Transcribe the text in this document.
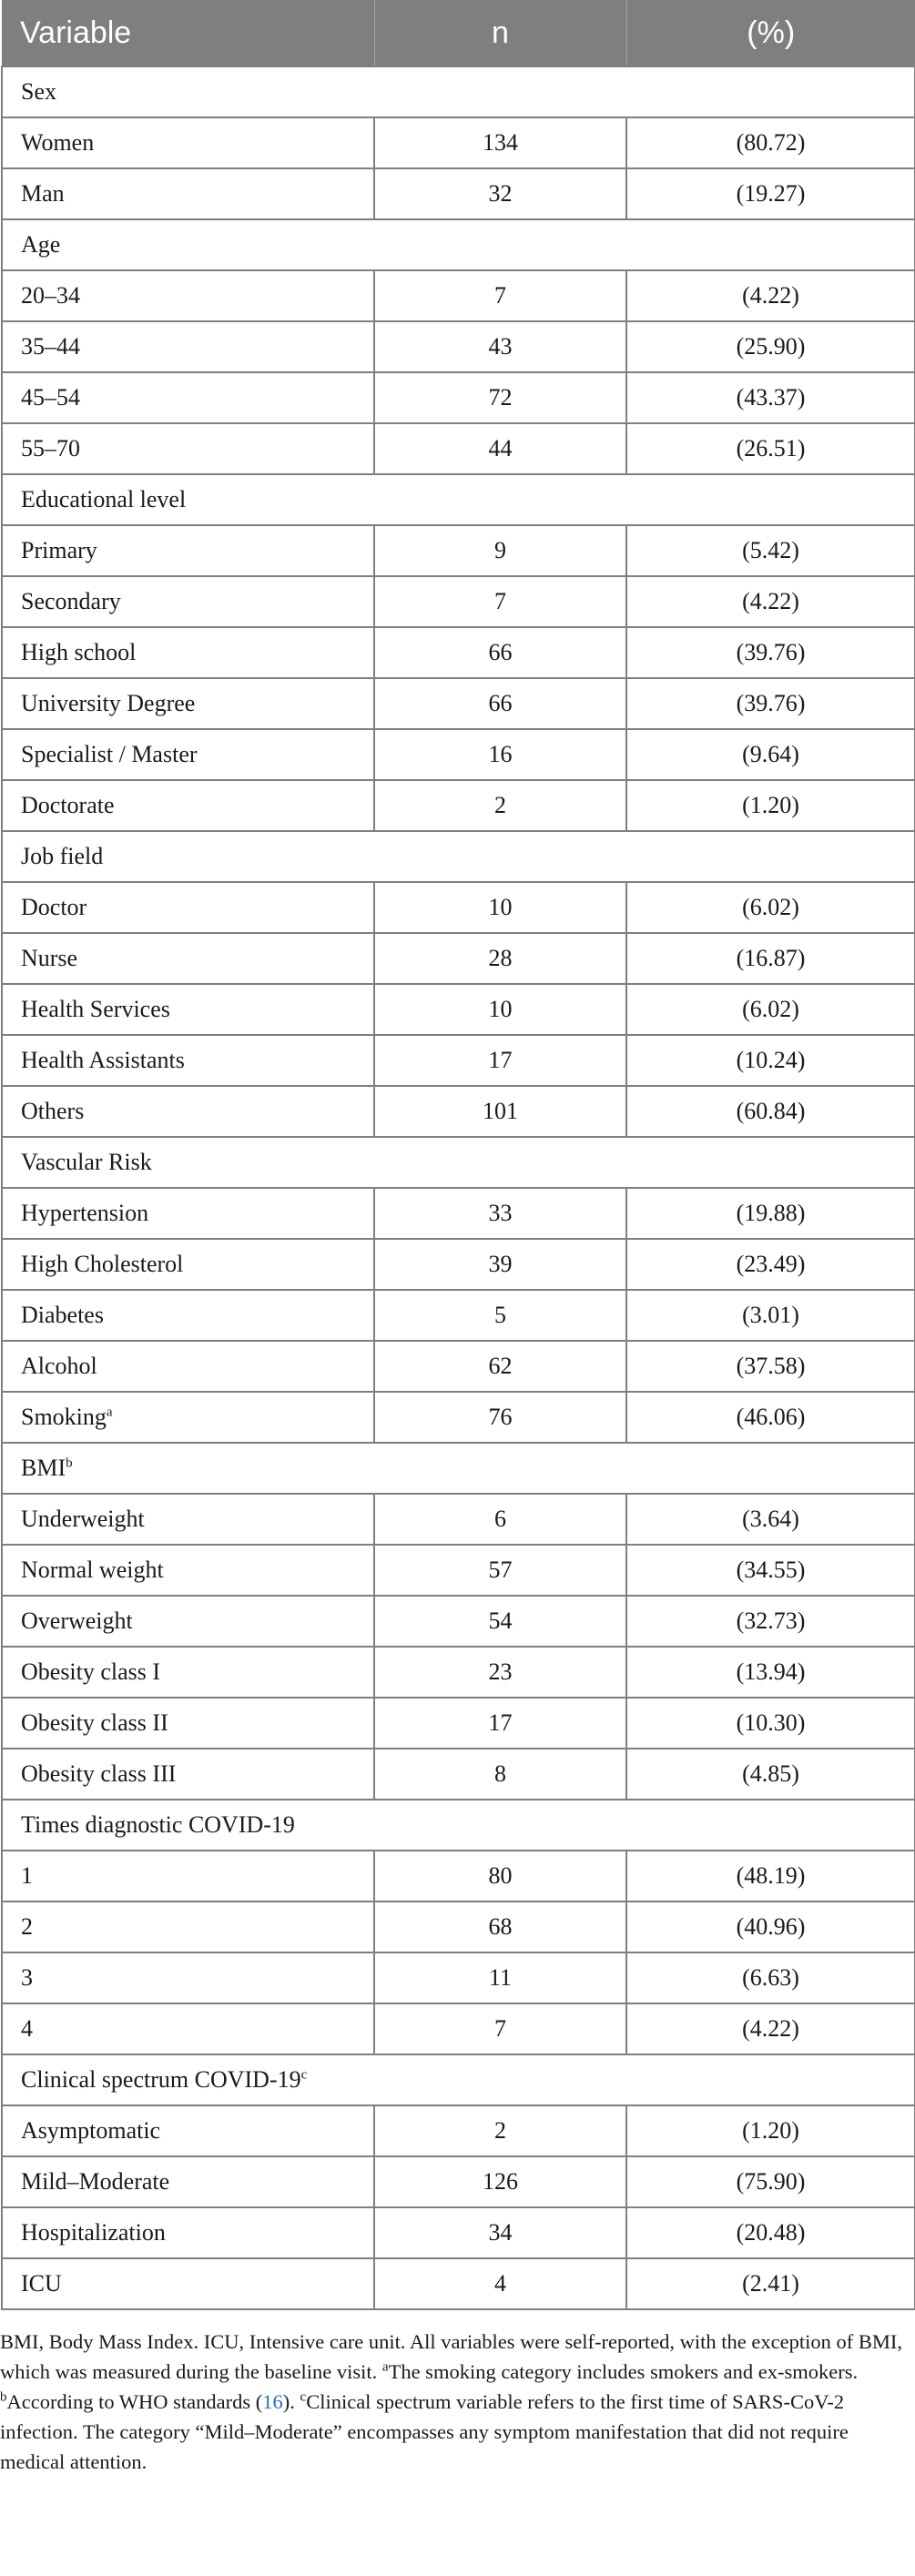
Variable	n	(%)
Sex		
Women	134	(80.72)
Man	32	(19.27)
Age		
20–34	7	(4.22)
35–44	43	(25.90)
45–54	72	(43.37)
55–70	44	(26.51)
Educational level		
Primary	9	(5.42)
Secondary	7	(4.22)
High school	66	(39.76)
University Degree	66	(39.76)
Specialist / Master	16	(9.64)
Doctorate	2	(1.20)
Job field		
Doctor	10	(6.02)
Nurse	28	(16.87)
Health Services	10	(6.02)
Health Assistants	17	(10.24)
Others	101	(60.84)
Vascular Risk		
Hypertension	33	(19.88)
High Cholesterol	39	(23.49)
Diabetes	5	(3.01)
Alcohol	62	(37.58)
Smoking$^a$	76	(46.06)
BMI$^b$
Underweight	6	(3.64)
Normal weight	57	(34.55)
Overweight	54	(32.73)
Obesity class I	23	(13.94)
Obesity class II	17	(10.30)
Obesity class III	8	(4.85)
Times diagnostic COVID-19		
1	80	(48.19)
2	68	(40.96)
3	11	(6.63)
4	7	(4.22)
Clinical spectrum COVID-19$^c$
Asymptomatic	2	(1.20)
Mild–Moderate	126	(75.90)
Hospitalization	34	(20.48)
ICU	4	(2.41)
BMI, Body Mass Index. ICU, Intensive care unit. All variables were self-reported, with the exception of BMI, which was measured during the baseline visit. $^a$The smoking category includes smokers and ex-smokers. $^b$According to WHO standards (16). $^c$Clinical spectrum variable refers to the first time of SARS-CoV-2 infection. The category “Mild–Moderate” encompasses any symptom manifestation that did not require medical attention.
